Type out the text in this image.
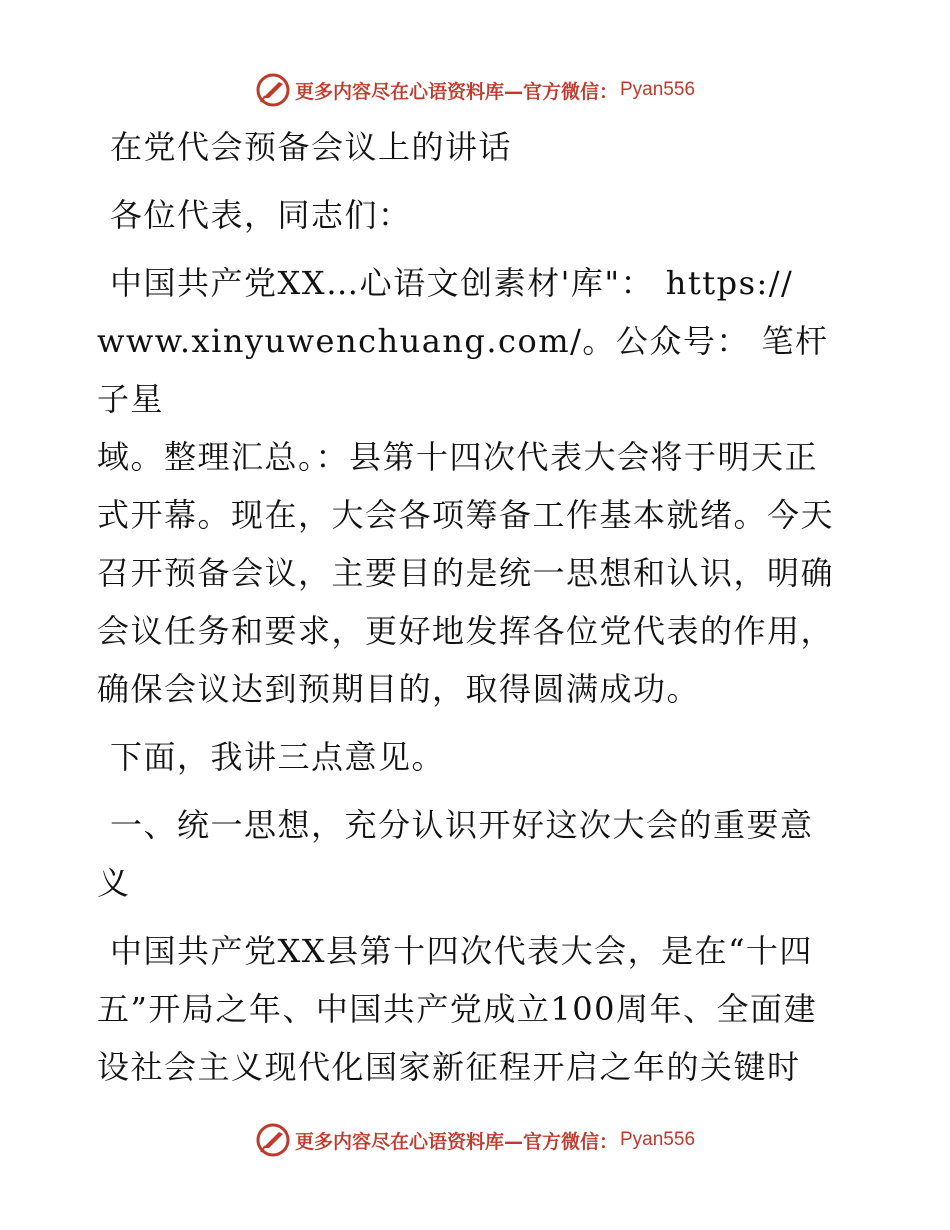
更多内容尽在心语资料库—官方微信： Pyan556

在党代会预备会议上的讲话

各位代表，同志们：

中国共产党XX…心语文创素材'库"： https://
www.xinyuwenchuang.com/。公众号： 笔杆子星
域。整理汇总。：县第十四次代表大会将于明天正
式开幕。现在，大会各项筹备工作基本就绪。今天
召开预备会议，主要目的是统一思想和认识，明确
会议任务和要求，更好地发挥各位党代表的作用，
确保会议达到预期目的，取得圆满成功。

下面，我讲三点意见。

一、统一思想，充分认识开好这次大会的重要意
义

中国共产党XX县第十四次代表大会，是在“十四
五”开局之年、中国共产党成立100周年、全面建
设社会主义现代化国家新征程开启之年的关键时

更多内容尽在心语资料库—官方微信： Pyan556
